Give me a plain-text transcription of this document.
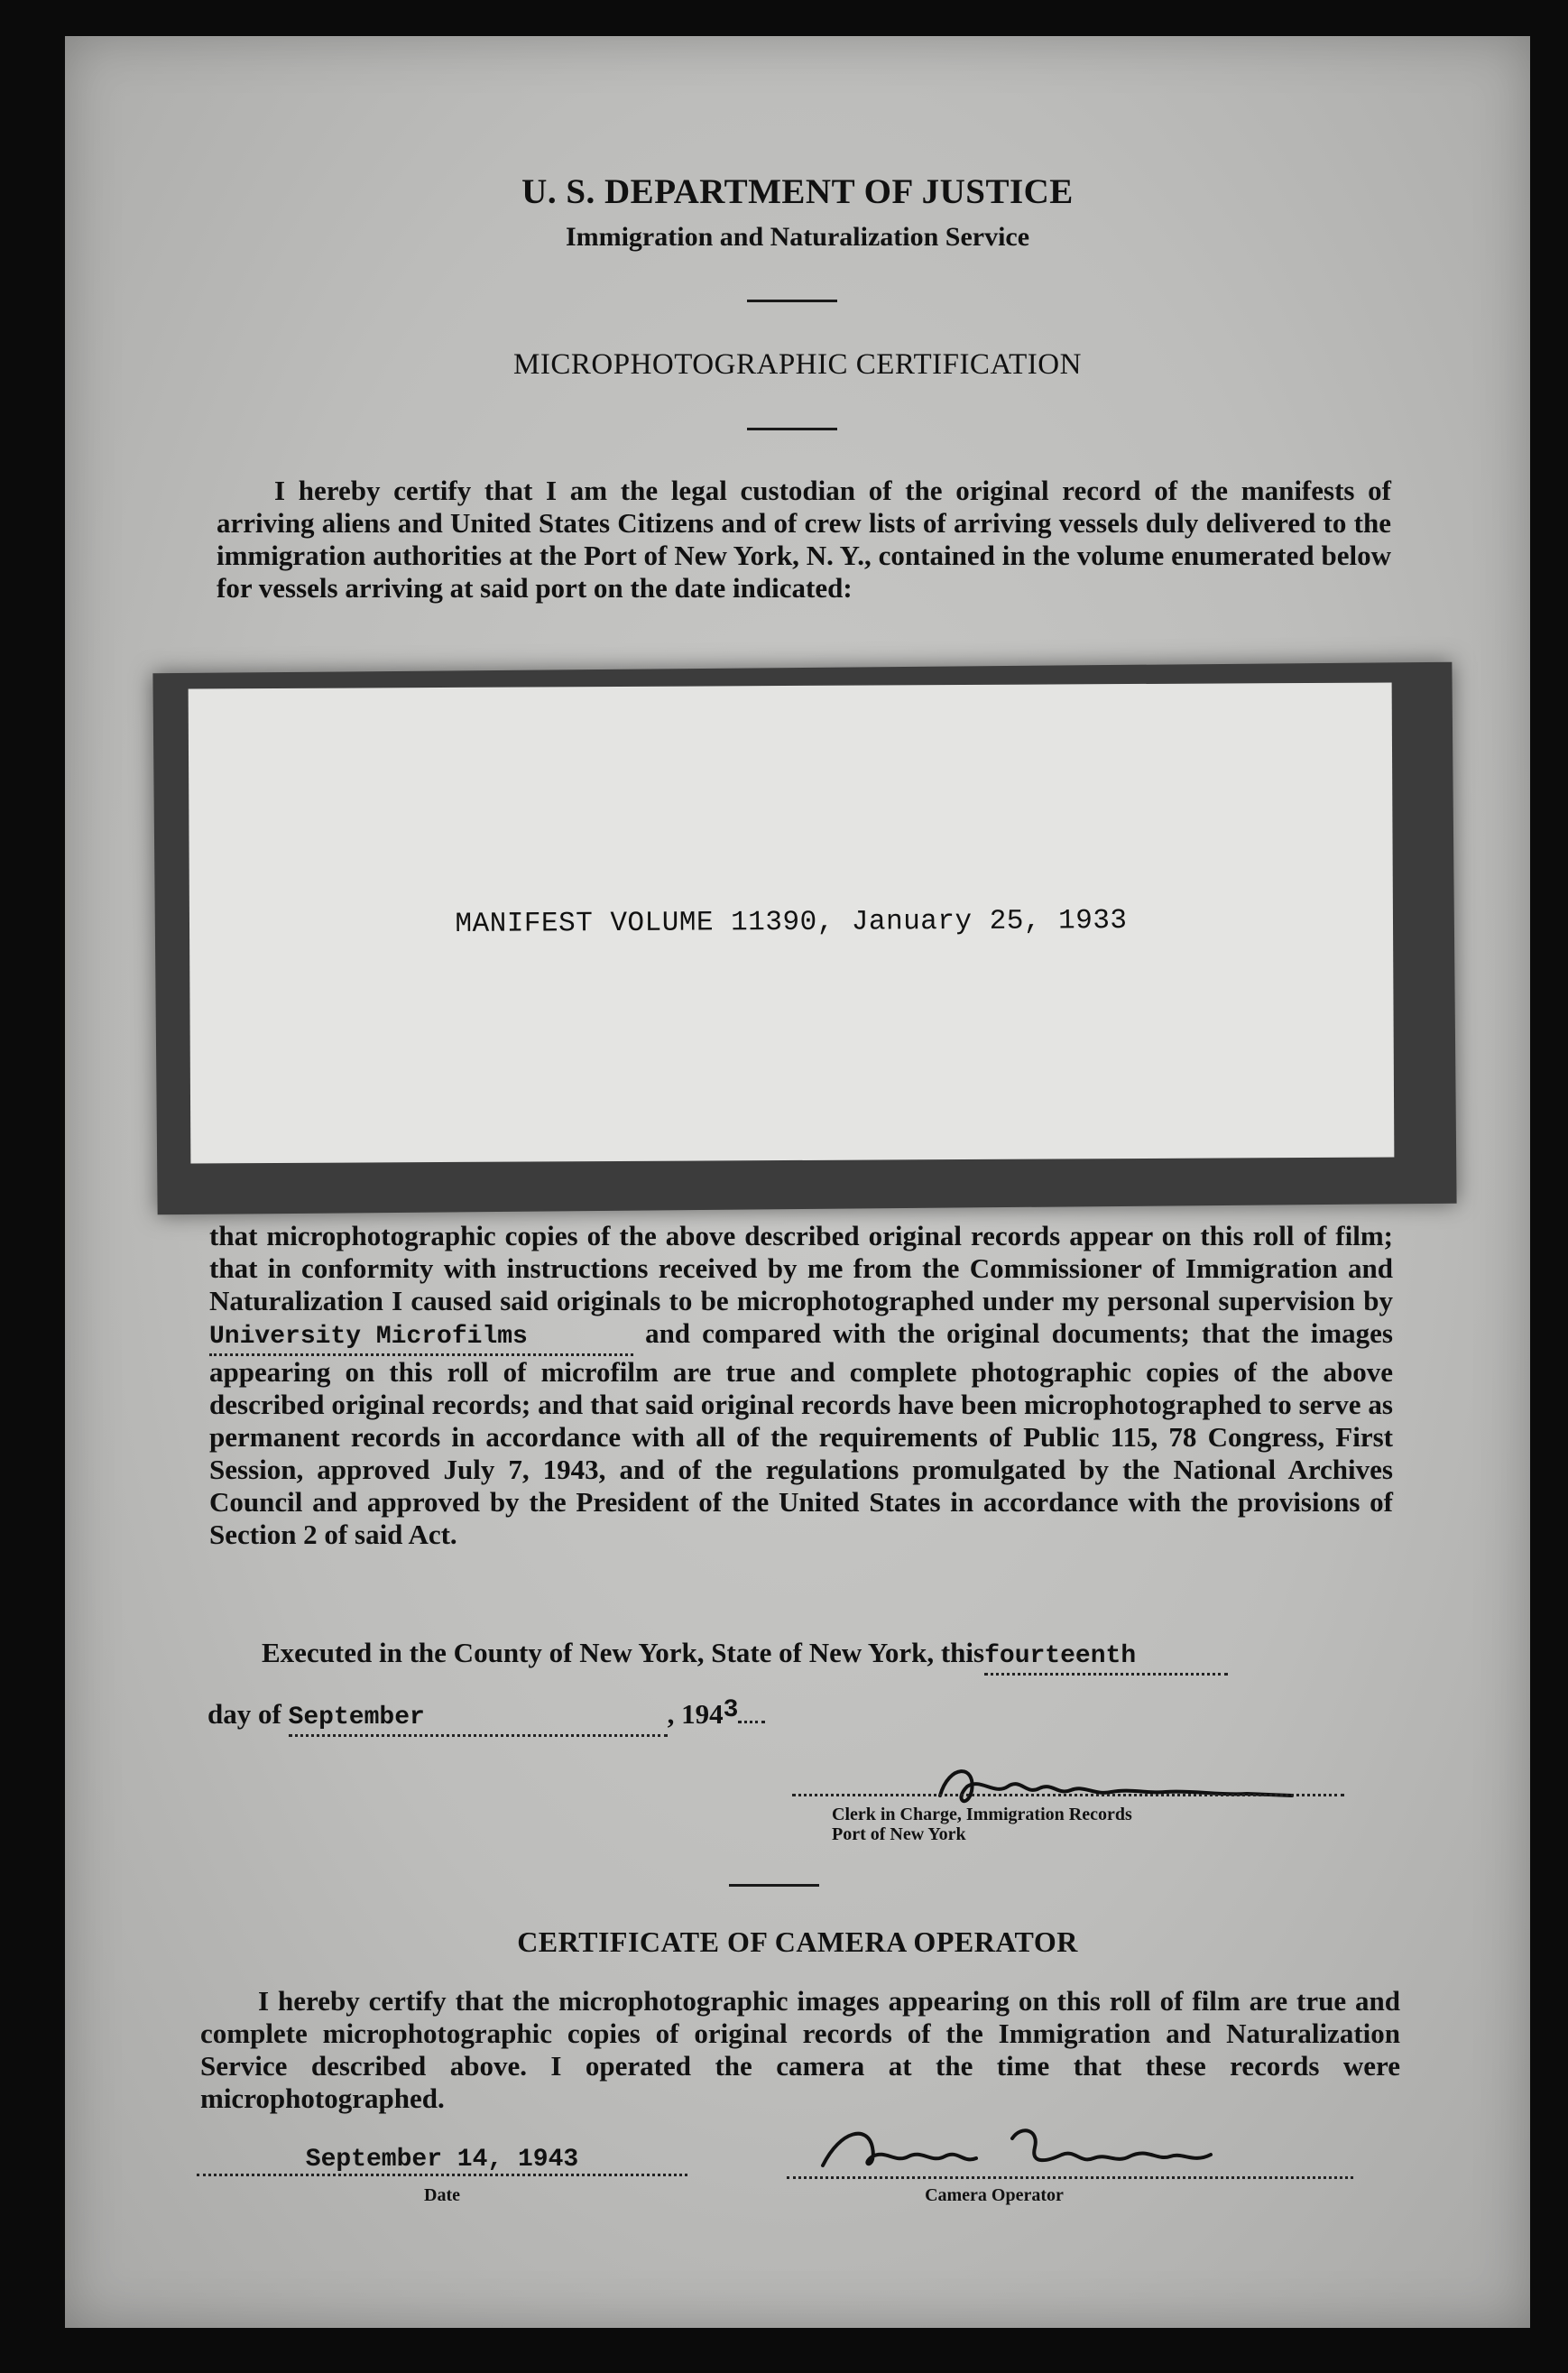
U. S. DEPARTMENT OF JUSTICE
Immigration and Naturalization Service
MICROPHOTOGRAPHIC CERTIFICATION
I hereby certify that I am the legal custodian of the original record of the manifests of arriving aliens and United States Citizens and of crew lists of arriving vessels duly delivered to the immigration authorities at the Port of New York, N. Y., contained in the volume enumerated below for vessels arriving at said port on the date indicated:
MANIFEST VOLUME 11390, January 25, 1933
that microphotographic copies of the above described original records appear on this roll of film; that in conformity with instructions received by me from the Commissioner of Immigration and Naturalization I caused said originals to be microphotographed under my personal supervision by University Microfilms	and compared with the original documents; that the images appearing on this roll of microfilm are true and complete photographic copies of the above described original records; and that said original records have been microphotographed to serve as permanent records in accordance with all of the requirements of Public 115, 78 Congress, First Session, approved July 7, 1943, and of the regulations promulgated by the National Archives Council and approved by the President of the United States in accordance with the provisions of Section 2 of said Act.
Executed in the County of New York, State of New York, thisfourteenth
day of September	, 1943
Clerk in Charge, Immigration Records
Port of New York
CERTIFICATE OF CAMERA OPERATOR
I hereby certify that the microphotographic images appearing on this roll of film are true and complete microphotographic copies of original records of the Immigration and Naturalization Service described above. I operated the camera at the time that these records were microphotographed.
September 14, 1943
Date	Camera Operator
